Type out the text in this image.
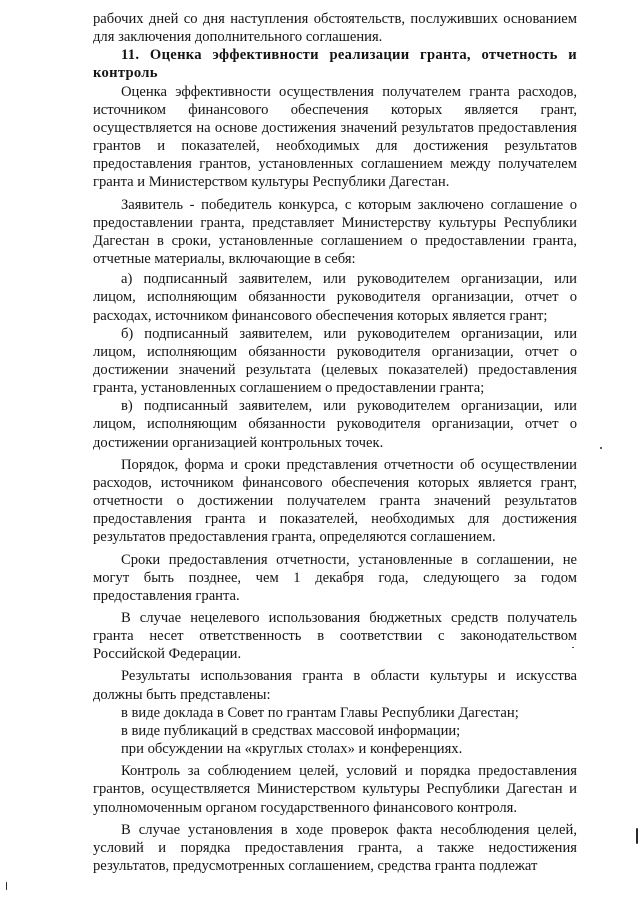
рабочих дней со дня наступления обстоятельств, послуживших основанием для заключения дополнительного соглашения.

11. Оценка эффективности реализации гранта, отчетность и контроль

Оценка эффективности осуществления получателем гранта расходов, источником финансового обеспечения которых является грант, осуществляется на основе достижения значений результатов предоставления грантов и показателей, необходимых для достижения результатов предоставления грантов, установленных соглашением между получателем гранта и Министерством культуры Республики Дагестан.

Заявитель - победитель конкурса, с которым заключено соглашение о предоставлении гранта, представляет Министерству культуры Республики Дагестан в сроки, установленные соглашением о предоставлении гранта, отчетные материалы, включающие в себя:

а) подписанный заявителем, или руководителем организации, или лицом, исполняющим обязанности руководителя организации, отчет о расходах, источником финансового обеспечения которых является грант;

б) подписанный заявителем, или руководителем организации, или лицом, исполняющим обязанности руководителя организации, отчет о достижении значений результата (целевых показателей) предоставления гранта, установленных соглашением о предоставлении гранта;

в) подписанный заявителем, или руководителем организации, или лицом, исполняющим обязанности руководителя организации, отчет о достижении организацией контрольных точек.

Порядок, форма и сроки представления отчетности об осуществлении расходов, источником финансового обеспечения которых является грант, отчетности о достижении получателем гранта значений результатов предоставления гранта и показателей, необходимых для достижения результатов предоставления гранта, определяются соглашением.

Сроки предоставления отчетности, установленные в соглашении, не могут быть позднее, чем 1 декабря года, следующего за годом предоставления гранта.

В случае нецелевого использования бюджетных средств получатель гранта несет ответственность в соответствии с законодательством Российской Федерации.

Результаты использования гранта в области культуры и искусства должны быть представлены:

в виде доклада в Совет по грантам Главы Республики Дагестан;

в виде публикаций в средствах массовой информации;

при обсуждении на «круглых столах» и конференциях.

Контроль за соблюдением целей, условий и порядка предоставления грантов, осуществляется Министерством культуры Республики Дагестан и уполномоченным органом государственного финансового контроля.

В случае установления в ходе проверок факта несоблюдения целей, условий и порядка предоставления гранта, а также недостижения результатов, предусмотренных соглашением, средства гранта подлежат
